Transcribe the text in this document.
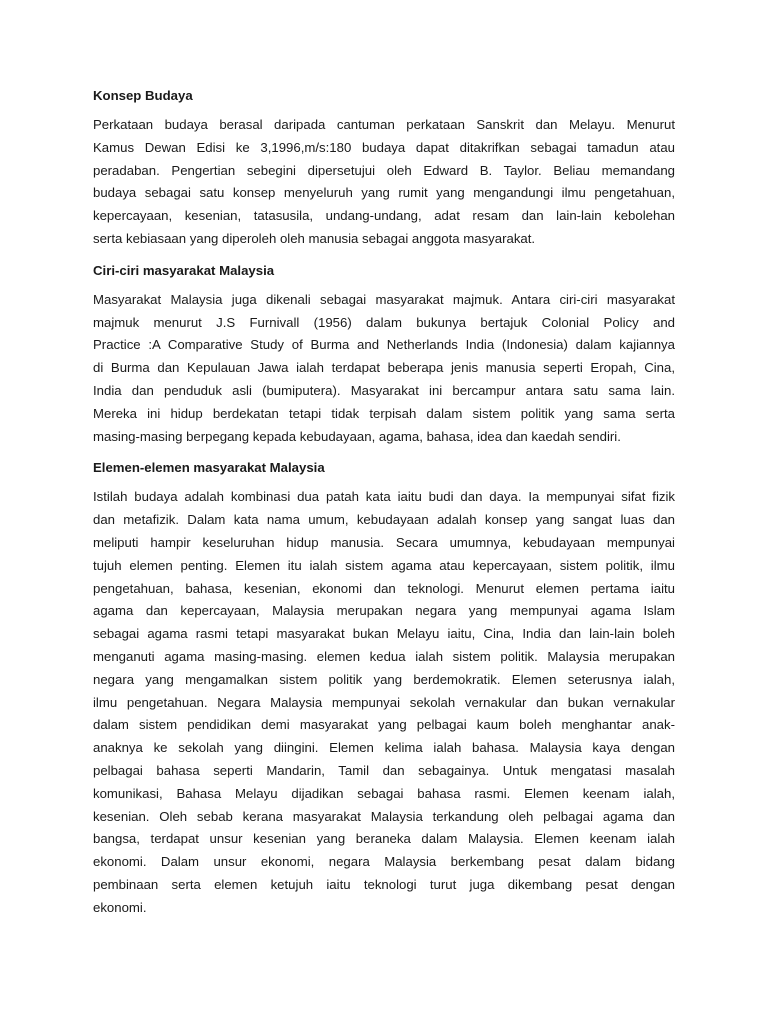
Konsep Budaya
Perkataan budaya berasal daripada cantuman perkataan Sanskrit dan Melayu. Menurut
Kamus Dewan Edisi ke 3,1996,m/s:180 budaya dapat ditakrifkan sebagai tamadun atau
peradaban. Pengertian sebegini dipersetujui oleh Edward B. Taylor. Beliau memandang
budaya sebagai satu konsep menyeluruh yang rumit yang mengandungi ilmu pengetahuan,
kepercayaan, kesenian, tatasusila, undang-undang, adat resam dan lain-lain kebolehan
serta kebiasaan yang diperoleh oleh manusia sebagai anggota masyarakat.
Ciri-ciri masyarakat Malaysia
Masyarakat Malaysia juga dikenali sebagai masyarakat majmuk. Antara ciri-ciri masyarakat
majmuk menurut J.S Furnivall (1956) dalam bukunya bertajuk Colonial Policy and
Practice :A Comparative Study of Burma and Netherlands India (Indonesia) dalam kajiannya
di Burma dan Kepulauan Jawa ialah terdapat beberapa jenis manusia seperti Eropah, Cina,
India dan penduduk asli (bumiputera). Masyarakat ini bercampur antara satu sama lain.
Mereka ini hidup berdekatan tetapi tidak terpisah dalam sistem politik yang sama serta
masing-masing berpegang kepada kebudayaan, agama, bahasa, idea dan kaedah sendiri.
Elemen-elemen masyarakat Malaysia
Istilah budaya adalah kombinasi dua patah kata iaitu budi dan daya. Ia mempunyai sifat fizik
dan metafizik. Dalam kata nama umum, kebudayaan adalah konsep yang sangat luas dan
meliputi hampir keseluruhan hidup manusia. Secara umumnya, kebudayaan mempunyai
tujuh elemen penting. Elemen itu ialah sistem agama atau kepercayaan, sistem politik, ilmu
pengetahuan, bahasa, kesenian, ekonomi dan teknologi. Menurut elemen pertama iaitu
agama dan kepercayaan, Malaysia merupakan negara yang mempunyai agama Islam
sebagai agama rasmi tetapi masyarakat bukan Melayu iaitu, Cina, India dan lain-lain boleh
menganuti agama masing-masing. elemen kedua ialah sistem politik. Malaysia merupakan
negara yang mengamalkan sistem politik yang berdemokratik. Elemen seterusnya ialah,
ilmu pengetahuan. Negara Malaysia mempunyai sekolah vernakular dan bukan vernakular
dalam sistem pendidikan demi masyarakat yang pelbagai kaum boleh menghantar anak-
anaknya ke sekolah yang diingini. Elemen kelima ialah bahasa. Malaysia kaya dengan
pelbagai bahasa seperti Mandarin, Tamil dan sebagainya. Untuk mengatasi masalah
komunikasi, Bahasa Melayu dijadikan sebagai bahasa rasmi. Elemen keenam ialah,
kesenian. Oleh sebab kerana masyarakat Malaysia terkandung oleh pelbagai agama dan
bangsa, terdapat unsur kesenian yang beraneka dalam Malaysia. Elemen keenam ialah
ekonomi. Dalam unsur ekonomi, negara Malaysia berkembang pesat dalam bidang
pembinaan serta elemen ketujuh iaitu teknologi turut juga dikembang pesat dengan
ekonomi.
